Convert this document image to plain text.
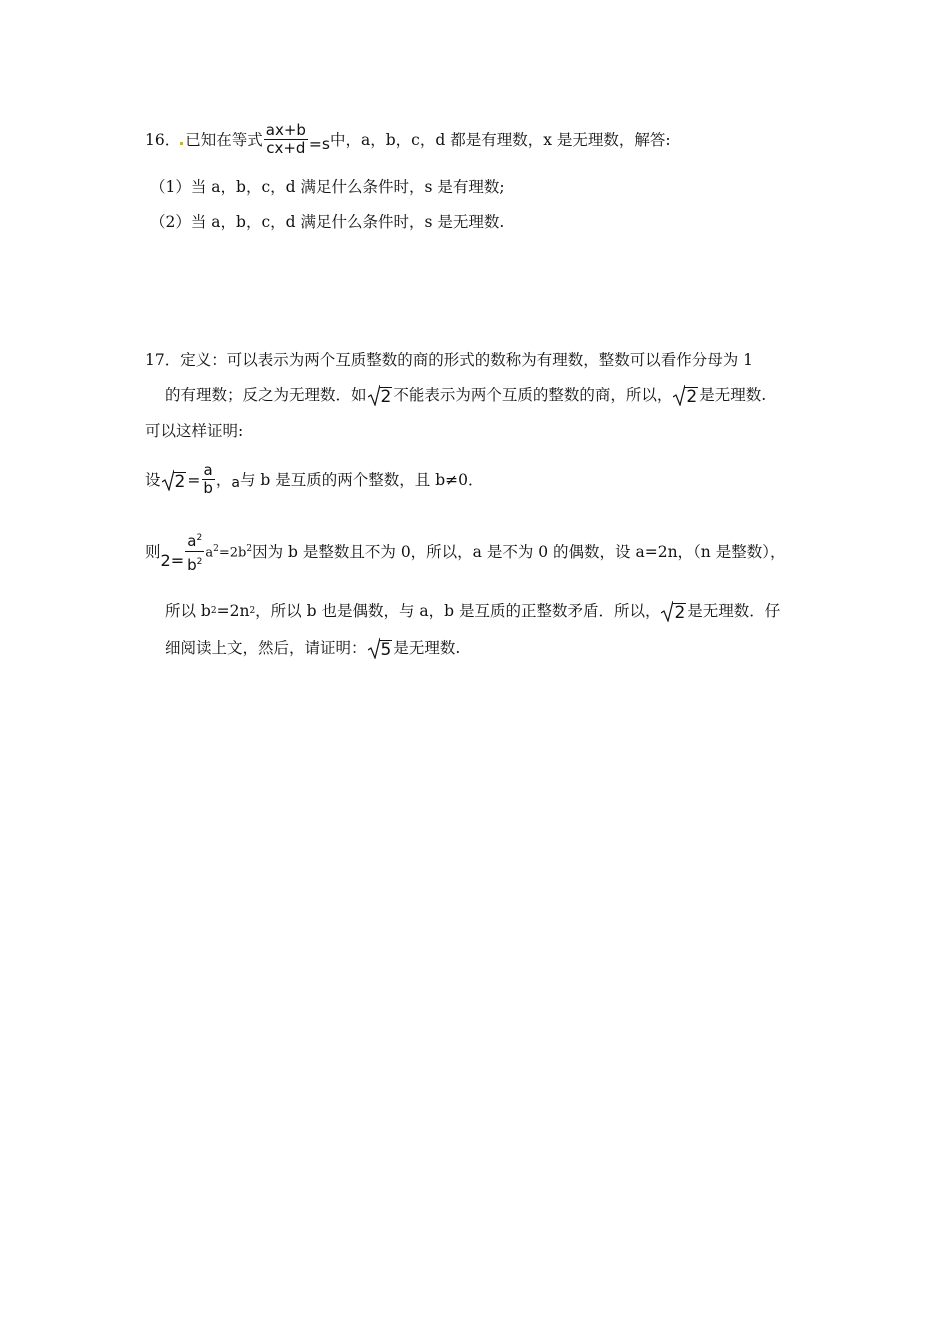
16． 已知在等式 $\frac{ax+b}{cx+d} =s$ 中，a，b，c，d 都是有理数，x 是无理数，解答:
（1）当 a，b，c，d 满足什么条件时，s 是有理数;
（2）当 a，b，c，d 满足什么条件时，s 是无理数.
17． 定义：可以表示为两个互质整数的商的形式的数称为有理数，整数可以看作分母为 1
的有理数；反之为无理数．如 2 不能表示为两个互质的整数的商，所以， 2 是无理数.
可以这样证明:
设 $2 = \frac{a}{b}$ ， a 与 b 是互质的两个整数，且 b≠0．
则 $2= \frac{a^2}{b^2} a^2=2b^2$ 因为 b 是整数且不为 0，所以，a 是不为 0 的偶数，设 a=2n，（n 是整数），
所以 b 2 =2n 2 ，所以 b 也是偶数，与 a，b 是互质的正整数矛盾．所以， 2 是无理数．仔
细阅读上文，然后，请证明： 5 是无理数.
